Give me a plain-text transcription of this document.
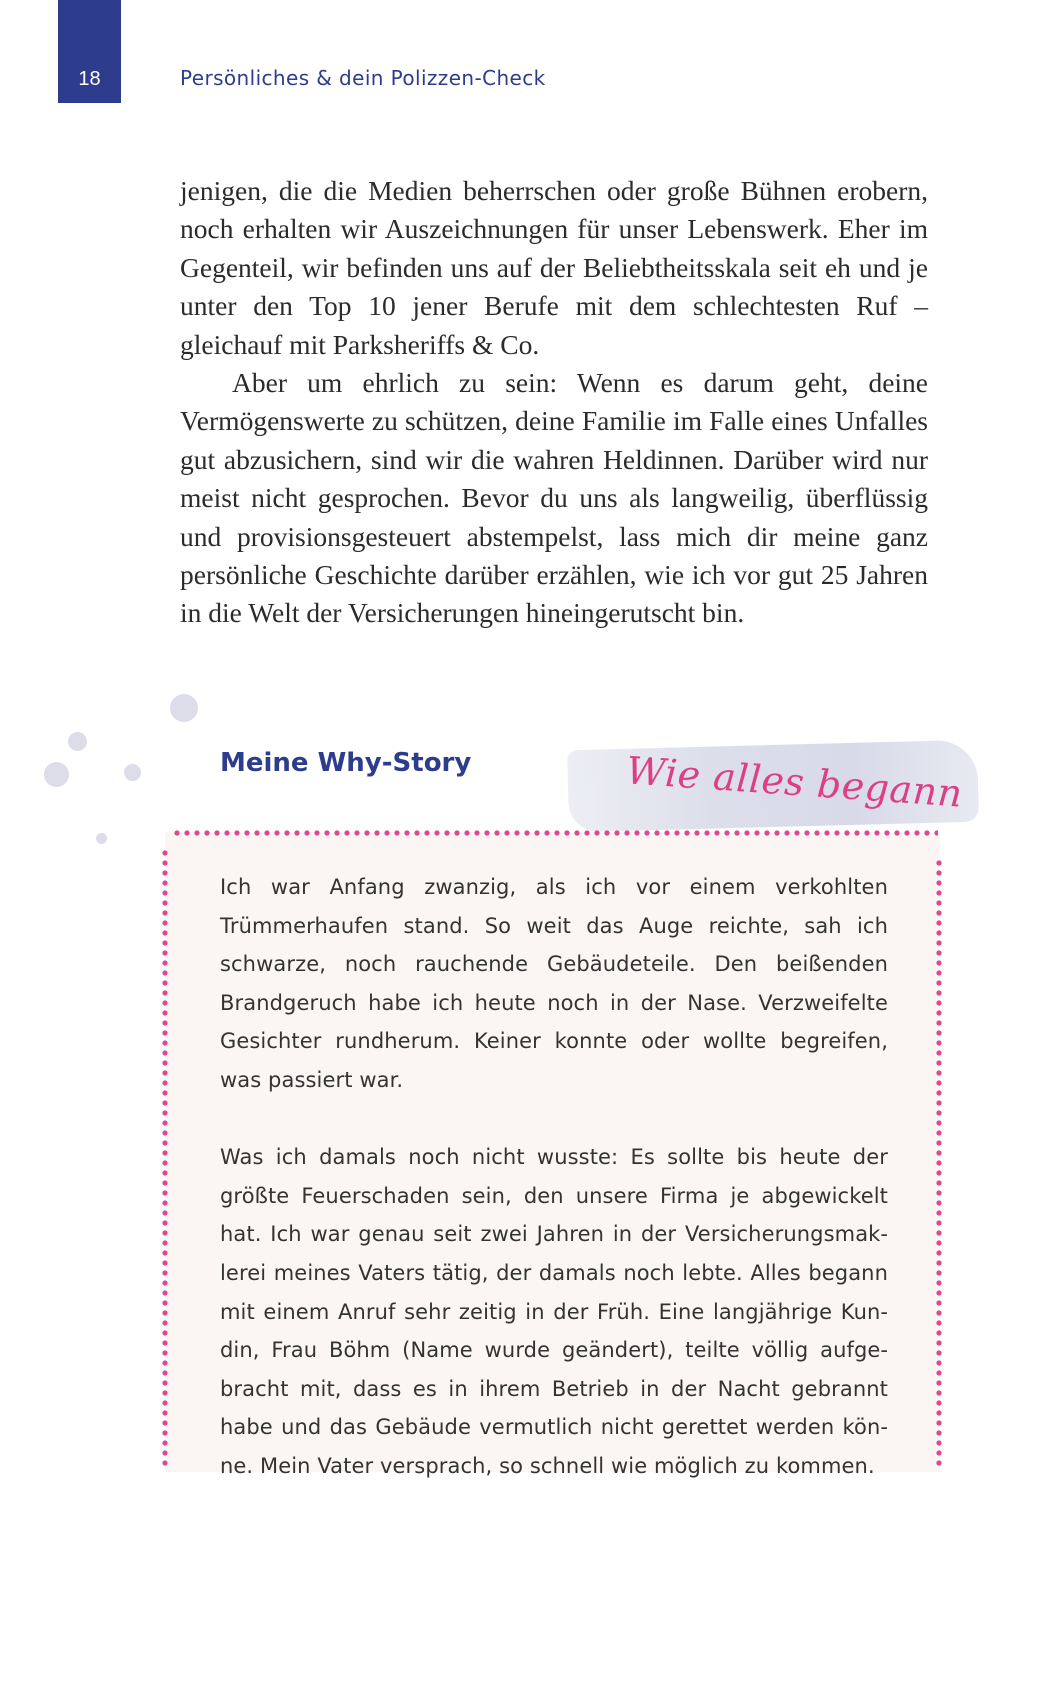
18	Persönliches & dein Polizzen-Check

jenigen, die die Medien beherrschen oder große Bühnen erobern, noch erhalten wir Auszeichnungen für unser Lebenswerk. Eher im Gegenteil, wir befinden uns auf der Beliebtheitsskala seit eh und je unter den Top 10 jener Berufe mit dem schlechtesten Ruf – gleichauf mit Parksheriffs & Co.

Aber um ehrlich zu sein: Wenn es darum geht, deine Vermögenswerte zu schützen, deine Familie im Falle eines Unfalles gut abzusichern, sind wir die wahren Heldinnen. Darüber wird nur meist nicht gesprochen. Bevor du uns als langweilig, überflüssig und provisionsgesteuert abstempelst, lass mich dir meine ganz persönliche Geschichte darüber erzählen, wie ich vor gut 25 Jahren in die Welt der Versicherungen hineingerutscht bin.

Meine Why-Story	Wie alles begann

Ich war Anfang zwanzig, als ich vor einem verkohlten Trümmerhaufen stand. So weit das Auge reichte, sah ich schwarze, noch rauchende Gebäudeteile. Den beißenden Brandgeruch habe ich heute noch in der Nase. Verzweifelte Gesichter rundherum. Keiner konnte oder wollte begreifen, was passiert war.

Was ich damals noch nicht wusste: Es sollte bis heute der größte Feuerschaden sein, den unsere Firma je abgewickelt hat. Ich war genau seit zwei Jahren in der Versicherungsmaklerei meines Vaters tätig, der damals noch lebte. Alles begann mit einem Anruf sehr zeitig in der Früh. Eine langjährige Kundin, Frau Böhm (Name wurde geändert), teilte völlig aufgebracht mit, dass es in ihrem Betrieb in der Nacht gebrannt habe und das Gebäude vermutlich nicht gerettet werden könne. Mein Vater versprach, so schnell wie möglich zu kommen.
